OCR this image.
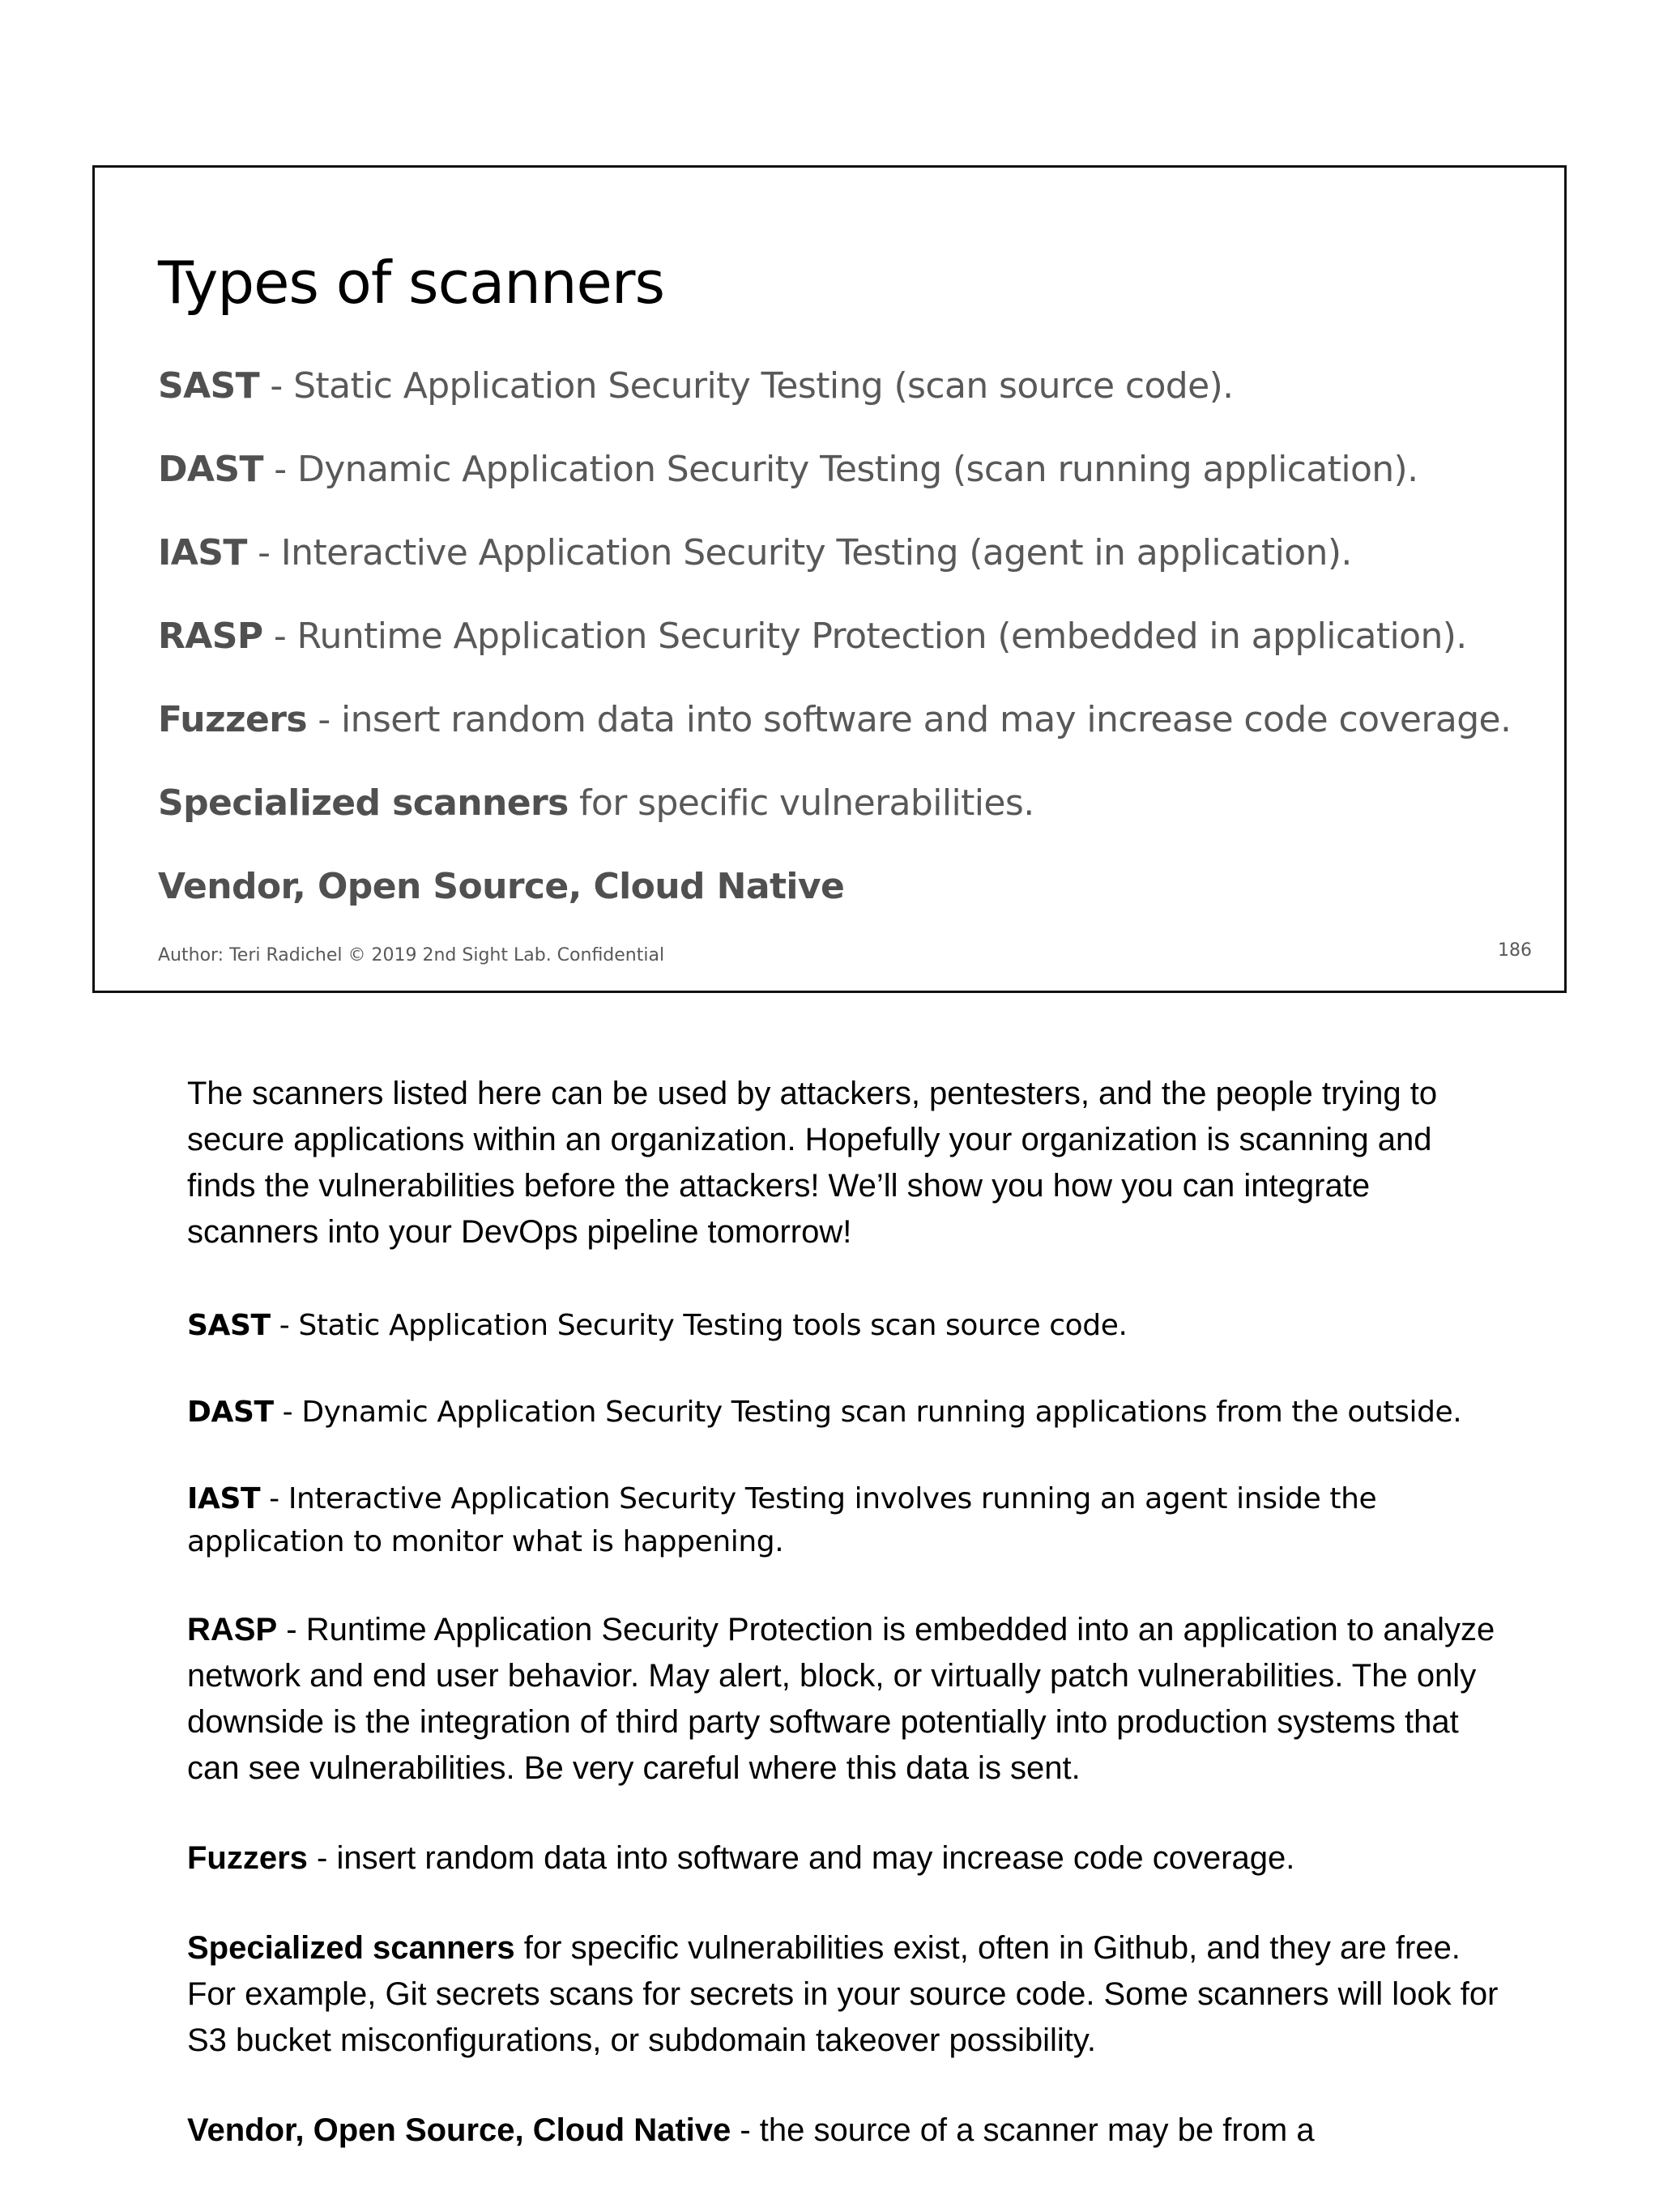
Types of scanners
SAST - Static Application Security Testing (scan source code).
DAST - Dynamic Application Security Testing (scan running application).
IAST - Interactive Application Security Testing (agent in application).
RASP - Runtime Application Security Protection (embedded in application).
Fuzzers - insert random data into software and may increase code coverage.
Specialized scanners for specific vulnerabilities.
Vendor, Open Source, Cloud Native
Author: Teri Radichel © 2019 2nd Sight Lab. Confidential	186

The scanners listed here can be used by attackers, pentesters, and the people trying to secure applications within an organization. Hopefully your organization is scanning and finds the vulnerabilities before the attackers! We’ll show you how you can integrate scanners into your DevOps pipeline tomorrow!

SAST - Static Application Security Testing tools scan source code.

DAST - Dynamic Application Security Testing scan running applications from the outside.

IAST - Interactive Application Security Testing involves running an agent inside the application to monitor what is happening.

RASP - Runtime Application Security Protection is embedded into an application to analyze network and end user behavior. May alert, block, or virtually patch vulnerabilities. The only downside is the integration of third party software potentially into production systems that can see vulnerabilities. Be very careful where this data is sent.

Fuzzers - insert random data into software and may increase code coverage.

Specialized scanners for specific vulnerabilities exist, often in Github, and they are free. For example, Git secrets scans for secrets in your source code. Some scanners will look for S3 bucket misconfigurations, or subdomain takeover possibility.

Vendor, Open Source, Cloud Native - the source of a scanner may be from a
